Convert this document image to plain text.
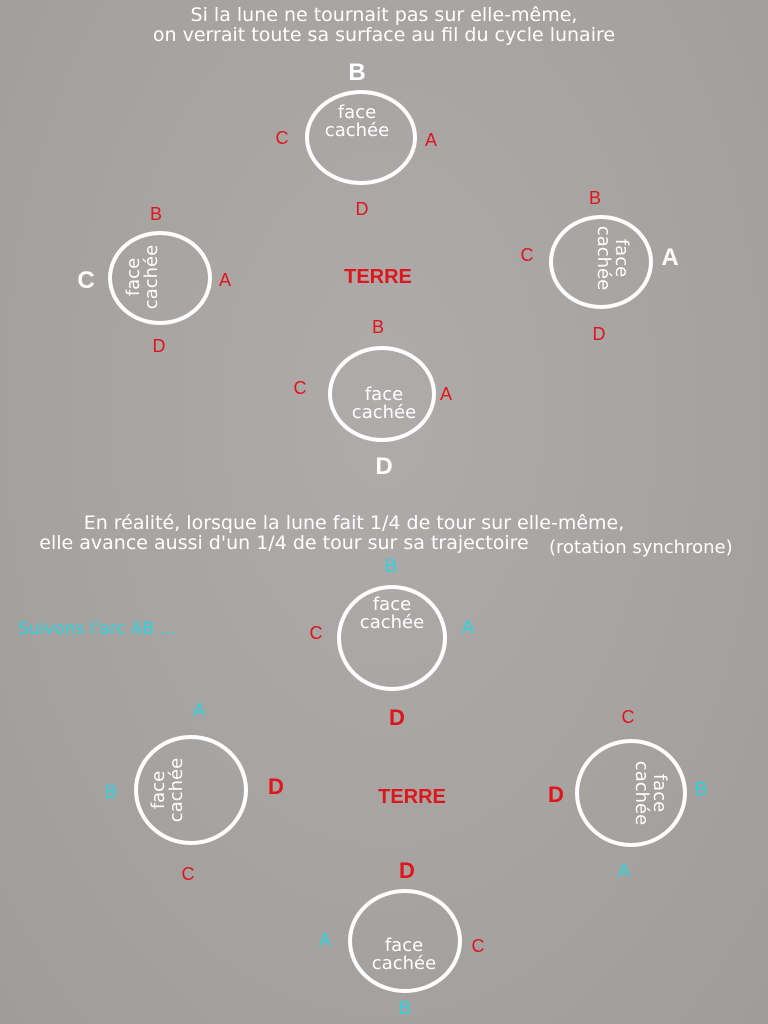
Si la lune ne tournait pas sur elle-même,
on verrait toute sa surface au fil du cycle lunaire
TERRE
B
face
cachée
C	A
D
B
C face
cachée	A
D
B
C	face
cachée A
D
B
C	face
cachée
A
D
En réalité, lorsque la lune fait 1/4 de tour sur elle-même,
elle avance aussi d'un 1/4 de tour sur sa trajectoire	(rotation synchrone)
Suivons l'arc AB ...
TERRE
B
C
face
cachée A
D
A
B face
cachée	D
C
C
D	face
cachée B
A
D
A	face
cachée
C
B
